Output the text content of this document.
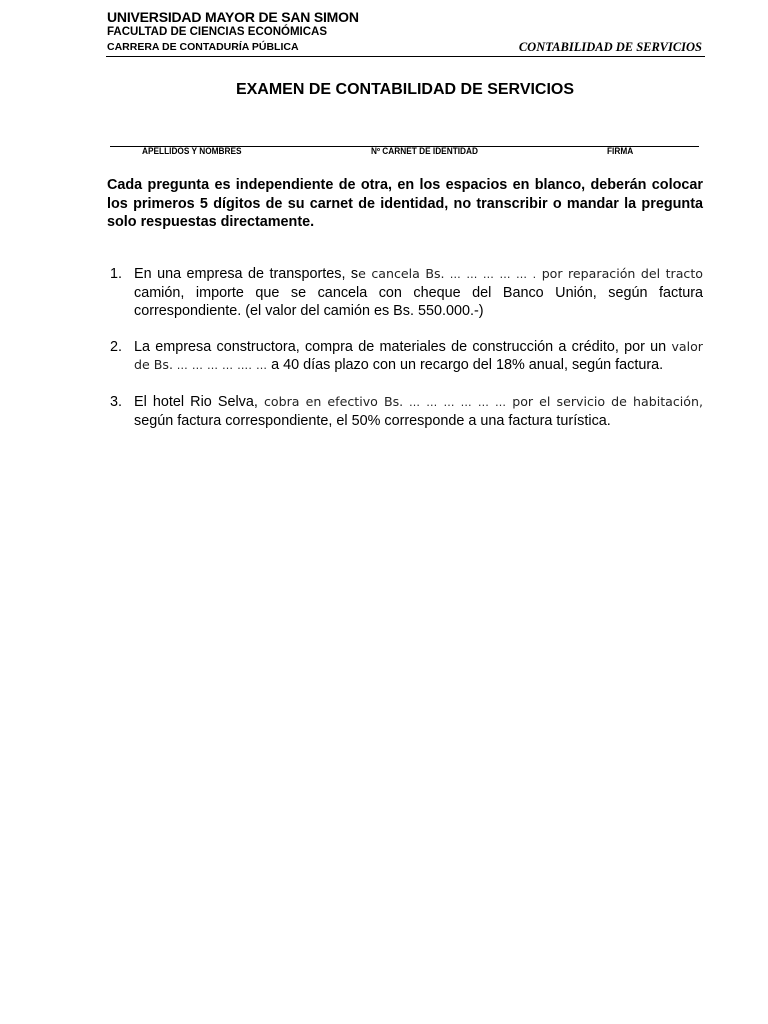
UNIVERSIDAD MAYOR DE SAN SIMON
FACULTAD DE CIENCIAS ECONÓMICAS
CARRERA DE CONTADURÍA PÚBLICA	CONTABILIDAD DE SERVICIOS
EXAMEN DE CONTABILIDAD DE SERVICIOS
APELLIDOS Y NOMBRES	Nº CARNET DE IDENTIDAD	FIRMA
Cada pregunta es independiente de otra, en los espacios en blanco, deberán colocar los primeros 5 dígitos de su carnet de identidad, no transcribir o mandar la pregunta solo respuestas directamente.
1. En una empresa de transportes, se cancela Bs. … … … … … . por reparación del tracto camión, importe que se cancela con cheque del Banco Unión, según factura correspondiente. (el valor del camión es Bs. 550.000.-)
2. La empresa constructora, compra de materiales de construcción a crédito, por un valor de Bs. … … … … …. … a 40 días plazo con un recargo del 18% anual, según factura.
3. El hotel Rio Selva, cobra en efectivo Bs. … … … … … … por el servicio de habitación, según factura correspondiente, el 50% corresponde a una factura turística.
